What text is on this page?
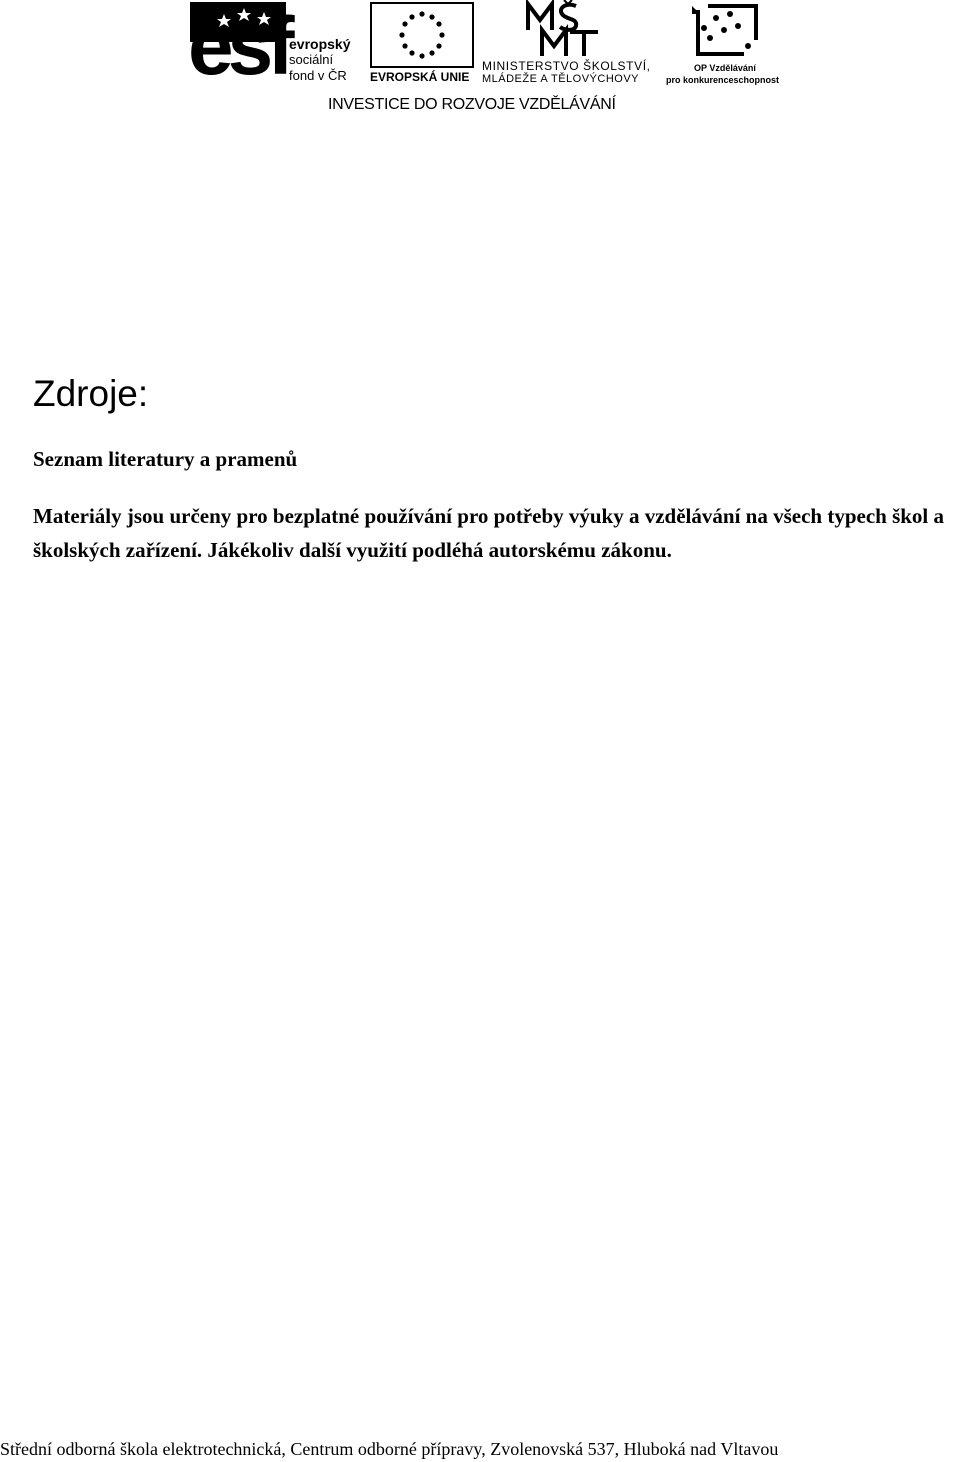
esf evropský
sociální
fond v ČR EVROPSKÁ UNIE
MINISTERSTVO ŠKOLSTVÍ,
MLÁDEŽE A TĚLOVÝCHOVY
OP Vzdělávání
pro konkurenceschopnost
INVESTICE DO ROZVOJE VZDĚLÁVÁNÍ
Zdroje:

Seznam literatury a pramenů

Materiály jsou určeny pro bezplatné používání pro potřeby výuky a vzdělávání na všech typech škol a školských zařízení. Jákékoliv další využití podléhá autorskému zákonu.

Střední odborná škola elektrotechnická, Centrum odborné přípravy, Zvolenovská 537, Hluboká nad Vltavou
